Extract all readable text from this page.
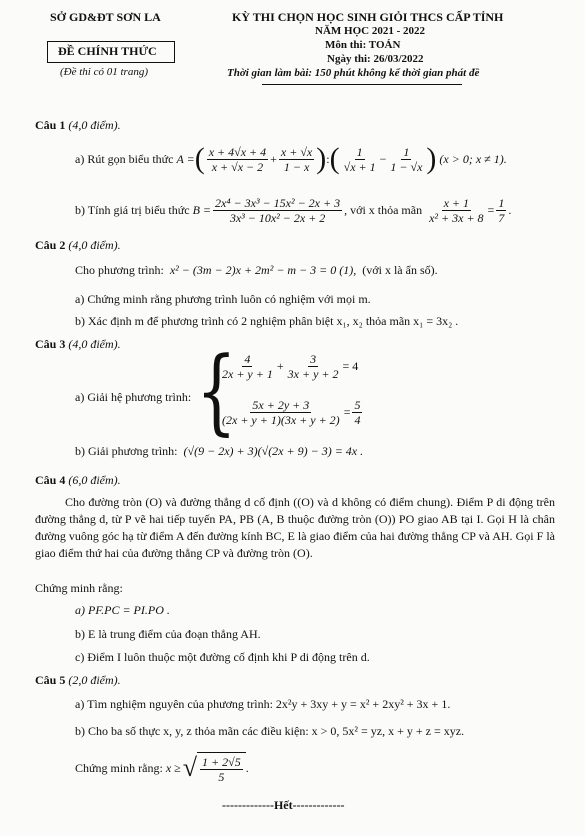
SỞ GD&ĐT SƠN LA
ĐỀ CHÍNH THỨC
(Đề thi có 01 trang)
KỲ THI CHỌN HỌC SINH GIỎI THCS CẤP TỈNH
NĂM HỌC 2021 - 2022
Môn thi: TOÁN
Ngày thi: 26/03/2022
Thời gian làm bài: 150 phút không kể thời gian phát đề
Câu 1 (4,0 điểm).
a) Rút gọn biểu thức
A = ( $\frac{x + 4√x + 4}{x + √x - 2} + \frac{x + √x}{1 - x}$ ) : ( $\frac{1}{√x + 1} - \frac{1}{1 - √x}$ )
(x > 0; x ≠ 1).
b) Tính giá trị biểu thức
$B = \frac{\text{2x⁴ − 3x³ − 15x² − 2x + 3}}{\text{3x³ − 10x² − 2x + 2}}$ , với x thỏa mãn
$\frac{x + 1}{\text{x² + 3x + 8}} = \frac{1}{7}$ .
Câu 2 (4,0 điểm).
Cho phương trình: x² − (3m − 2)x + 2m² − m − 3 = 0 (1), (với x là ẩn số).
a) Chứng minh rằng phương trình luôn có nghiệm với mọi m.
b) Xác định m để phương trình có 2 nghiệm phân biệt x₁, x₂ thỏa mãn x₁ = 3x₂ .
Câu 3 (4,0 điểm).
a) Giải hệ phương trình: {
$\frac{4}{2x + y + 1} + \frac{3}{3x + y + 2} = 4$
$\frac{5x + 2y + 3}{(2x + y + 1)(3x + y + 2)} = \frac{5}{4}$
b) Giải phương trình: (√(9 − 2x) + 3)(√(2x + 9) − 3) = 4x .
Câu 4 (6,0 điểm).
Cho đường tròn (O) và đường thẳng d cố định ((O) và d không có điểm chung). Điểm P di động trên đường thẳng d, từ P vẽ hai tiếp tuyến PA, PB (A, B thuộc đường tròn (O)) PO giao AB tại I. Gọi H là chân đường vuông góc hạ từ điểm A đến đường kính BC, E là giao điểm của hai đường thẳng CP và AH. Gọi F là giao điểm thứ hai của đường thẳng CP và đường tròn (O).
Chứng minh rằng:
a) PF.PC = PI.PO .
b) E là trung điểm của đoạn thẳng AH.
c) Điểm I luôn thuộc một đường cố định khi P di động trên d.
Câu 5 (2,0 điểm).
a) Tìm nghiệm nguyên của phương trình: 2x²y + 3xy + y = x² + 2xy² + 3x + 1.
b) Cho ba số thực x, y, z thỏa mãn các điều kiện: x > 0, 5x² = yz, x + y + z = xyz.
Chứng minh rằng:
x ≥ √ $\frac{1 + 2√5}{5}$ .
-------------Hết-------------
